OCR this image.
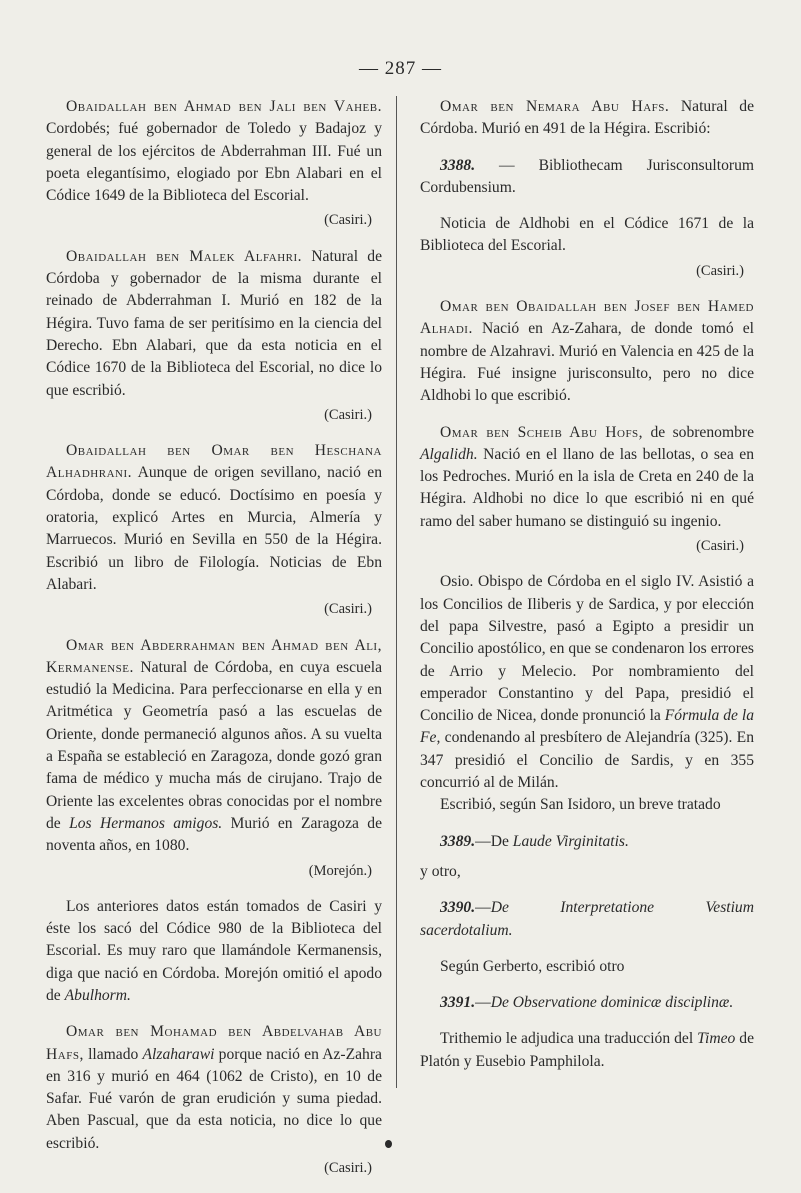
— 287 —

Obaidallah ben Ahmad ben Jali ben Vaheb. Cordobés; fué gobernador de Toledo y Badajoz y general de los ejércitos de Abderrahman III. Fué un poeta elegantísimo, elogiado por Ebn Alabari en el Códice 1649 de la Biblioteca del Escorial.

(Casiri.)

Obaidallah ben Malek Alfahri. Natural de Córdoba y gobernador de la misma durante el reinado de Abderrahman I. Murió en 182 de la Hégira. Tuvo fama de ser peritísimo en la ciencia del Derecho. Ebn Alabari, que da esta noticia en el Códice 1670 de la Biblioteca del Escorial, no dice lo que escribió.

(Casiri.)

Obaidallah ben Omar ben Heschana Alhadhrani. Aunque de origen sevillano, nació en Córdoba, donde se educó. Doctísimo en poesía y oratoria, explicó Artes en Murcia, Almería y Marruecos. Murió en Sevilla en 550 de la Hégira. Escribió un libro de Filología. Noticias de Ebn Alabari.

(Casiri.)

Omar ben Abderrahman ben Ahmad ben Ali, Kermanense. Natural de Córdoba, en cuya escuela estudió la Medicina. Para perfeccionarse en ella y en Aritmética y Geometría pasó a las escuelas de Oriente, donde permaneció algunos años. A su vuelta a España se estableció en Zaragoza, donde gozó gran fama de médico y mucha más de cirujano. Trajo de Oriente las excelentes obras conocidas por el nombre de Los Hermanos amigos. Murió en Zaragoza de noventa años, en 1080.

(Morejón.)

Los anteriores datos están tomados de Casiri y éste los sacó del Códice 980 de la Biblioteca del Escorial. Es muy raro que llamándole Kermanensis, diga que nació en Córdoba. Morejón omitió el apodo de Abulhorm.

Omar ben Mohamad ben Abdelvahab Abu Hafs, llamado Alzaharawi porque nació en Az-Zahra en 316 y murió en 464 (1062 de Cristo), en 10 de Safar. Fué varón de gran erudición y suma piedad. Aben Pascual, que da esta noticia, no dice lo que escribió.

(Casiri.)

Omar ben Nemara Abu Hafs. Natural de Córdoba. Murió en 491 de la Hégira. Escribió:

3388. — Bibliothecam Jurisconsultorum Cordubensium.

Noticia de Aldhobi en el Códice 1671 de la Biblioteca del Escorial.

(Casiri.)

Omar ben Obaidallah ben Josef ben Hamed Alhadi. Nació en Az-Zahara, de donde tomó el nombre de Alzahravi. Murió en Valencia en 425 de la Hégira. Fué insigne jurisconsulto, pero no dice Aldhobi lo que escribió.

Omar ben Scheib Abu Hofs, de sobrenombre Algalidh. Nació en el llano de las bellotas, o sea en los Pedroches. Murió en la isla de Creta en 240 de la Hégira. Aldhobi no dice lo que escribió ni en qué ramo del saber humano se distinguió su ingenio.

(Casiri.)

Osio. Obispo de Córdoba en el siglo IV. Asistió a los Concilios de Iliberis y de Sardica, y por elección del papa Silvestre, pasó a Egipto a presidir un Concilio apostólico, en que se condenaron los errores de Arrio y Melecio. Por nombramiento del emperador Constantino y del Papa, presidió el Concilio de Nicea, donde pronunció la Fórmula de la Fe, condenando al presbítero de Alejandría (325). En 347 presidió el Concilio de Sardis, y en 355 concurrió al de Milán.

Escribió, según San Isidoro, un breve tratado

3389.—De Laude Virginitatis.

y otro,

3390.—De Interpretatione Vestium sacerdotalium.

Según Gerberto, escribió otro

3391.—De Observatione dominicæ disciplinæ.

Trithemio le adjudica una traducción del Timeo de Platón y Eusebio Pamphilola.
